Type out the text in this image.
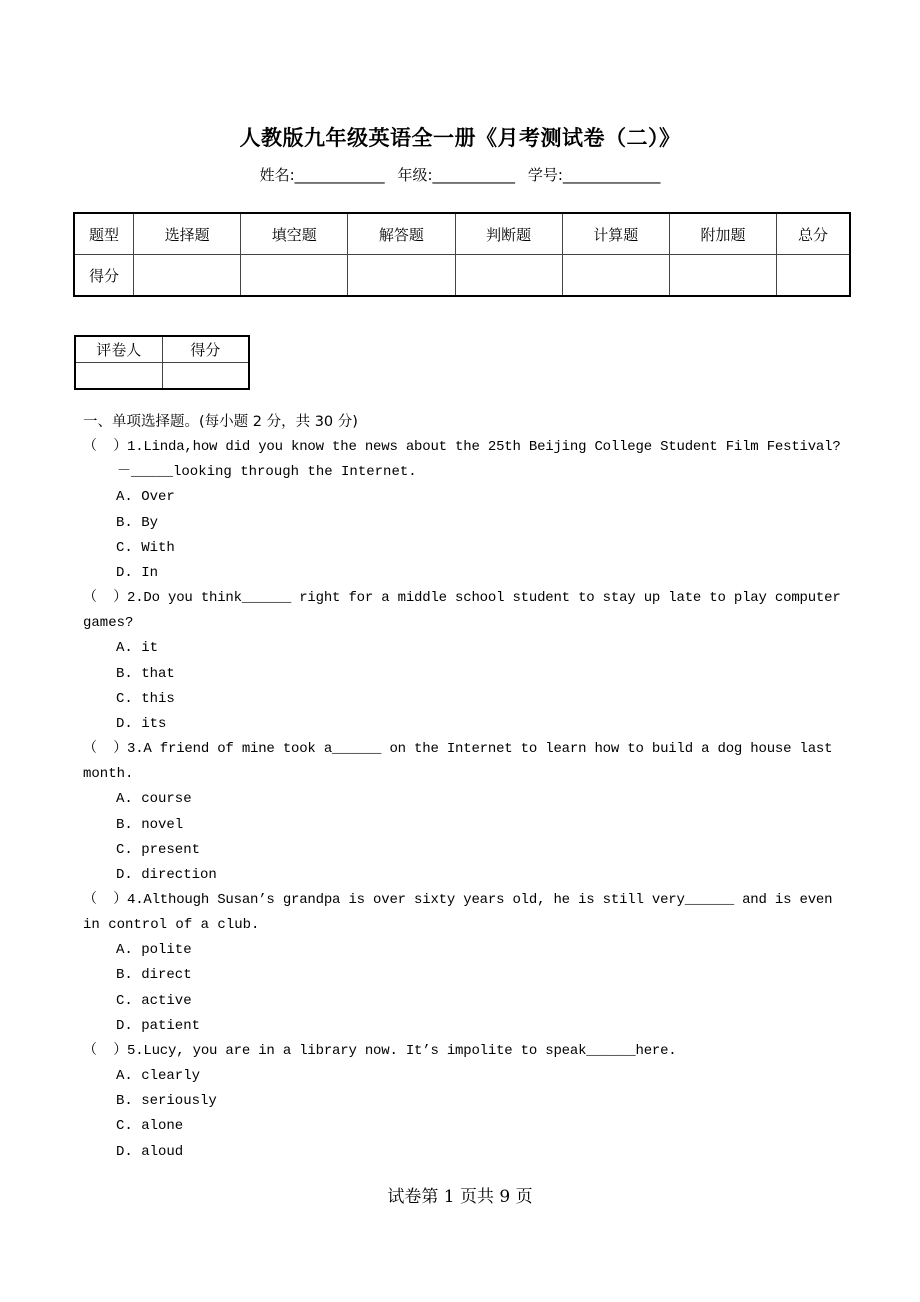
人教版九年级英语全一册《月考测试卷（二）》
姓名:____________ 年级:___________ 学号:_____________
题型	选择题	填空题	解答题	判断题	计算题	附加题	总分
得分							
评卷人	得分

一、单项选择题。(每小题 2 分，共 30 分)
（  ）1.Linda,how did you know the news about the 25th Beijing College Student Film Festival?
－_____looking through the Internet.
A. Over
B. By
C. With
D. In
（  ）2.Do you think______ right for a middle school student to stay up late to play computer
games?
A. it
B. that
C. this
D. its
（  ）3.A friend of mine took a______ on the Internet to learn how to build a dog house last
month.
A. course
B. novel
C. present
D. direction
（  ）4.Although Susan’s grandpa is over sixty years old, he is still very______ and is even
in control of a club.
A. polite
B. direct
C. active
D. patient
（  ）5.Lucy, you are in a library now. It’s impolite to speak______here.
A. clearly
B. seriously
C. alone
D. aloud
试卷第 1 页共 9 页
